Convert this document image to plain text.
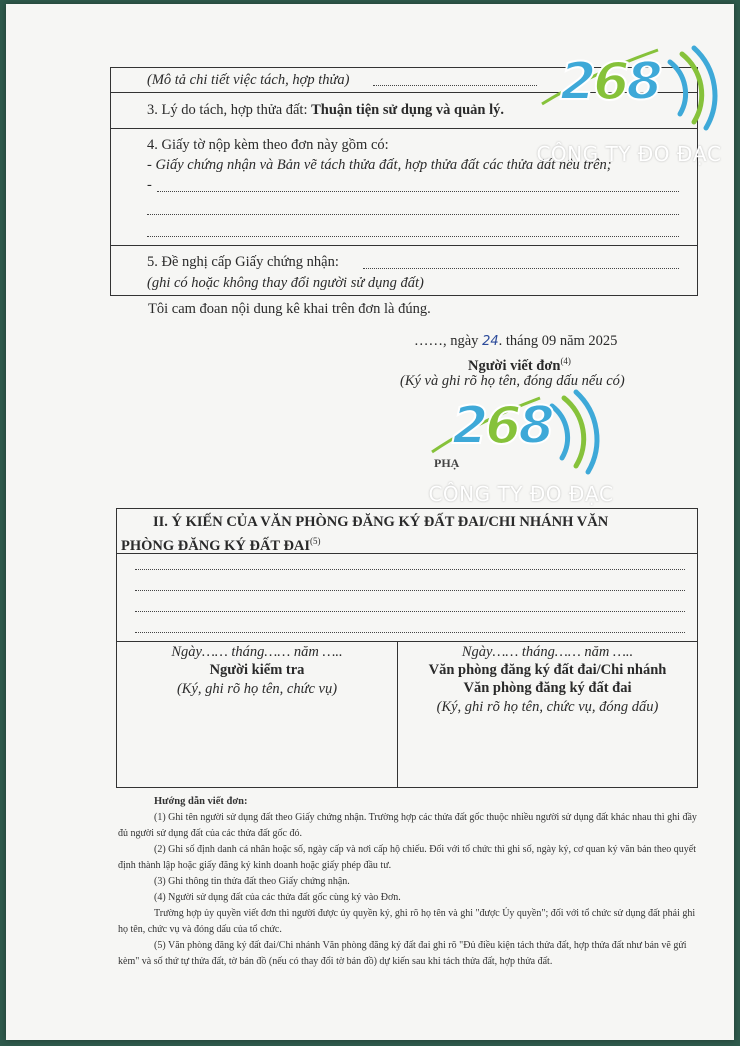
(Mô tả chi tiết việc tách, hợp thửa)
3. Lý do tách, hợp thửa đất: Thuận tiện sử dụng và quản lý.
4. Giấy tờ nộp kèm theo đơn này gồm có:
- Giấy chứng nhận và Bản vẽ tách thửa đất, hợp thửa đất các thửa đất nêu trên;
-
5. Đề nghị cấp Giấy chứng nhận:
(ghi có hoặc không thay đổi người sử dụng đất)
Tôi cam đoan nội dung kê khai trên đơn là đúng.
……, ngày 24. tháng 09 năm 2025
Người viết đơn$^{(4)}$
(Ký và ghi rõ họ tên, đóng dấu nếu có)
PHẠ
II. Ý KIẾN CỦA VĂN PHÒNG ĐĂNG KÝ ĐẤT ĐAI/CHI NHÁNH VĂN
PHÒNG ĐĂNG KÝ ĐẤT ĐAI$^{(5)}$
Ngày…… tháng…… năm …..
Người kiểm tra
(Ký, ghi rõ họ tên, chức vụ)
Ngày…… tháng…… năm …..
Văn phòng đăng ký đất đai/Chi nhánh
Văn phòng đăng ký đất đai
(Ký, ghi rõ họ tên, chức vụ, đóng dấu)

Hướng dẫn viết đơn:

(1) Ghi tên người sử dụng đất theo Giấy chứng nhận. Trường hợp các thửa đất gốc thuộc nhiều người sử dụng đất khác nhau thì ghi đầy đủ người sử dụng đất của các thửa đất gốc đó.

(2) Ghi số định danh cá nhân hoặc số, ngày cấp và nơi cấp hộ chiếu. Đối với tổ chức thì ghi số, ngày ký, cơ quan ký văn bản theo quyết định thành lập hoặc giấy đăng ký kinh doanh hoặc giấy phép đầu tư.

(3) Ghi thông tin thửa đất theo Giấy chứng nhận.

(4) Người sử dụng đất của các thửa đất gốc cùng ký vào Đơn.

Trường hợp ủy quyền viết đơn thì người được ủy quyền ký, ghi rõ họ tên và ghi "được Ủy quyền"; đối với tổ chức sử dụng đất phải ghi họ tên, chức vụ và đóng dấu của tổ chức.

(5) Văn phòng đăng ký đất đai/Chi nhánh Văn phòng đăng ký đất đai ghi rõ "Đủ điều kiện tách thửa đất, hợp thửa đất như bản vẽ gửi kèm" và số thứ tự thửa đất, tờ bản đồ (nếu có thay đổi tờ bản đồ) dự kiến sau khi tách thửa đất, hợp thửa đất.

268
CÔNG TY ĐO ĐẠC
268
CÔNG TY ĐO ĐẠC
